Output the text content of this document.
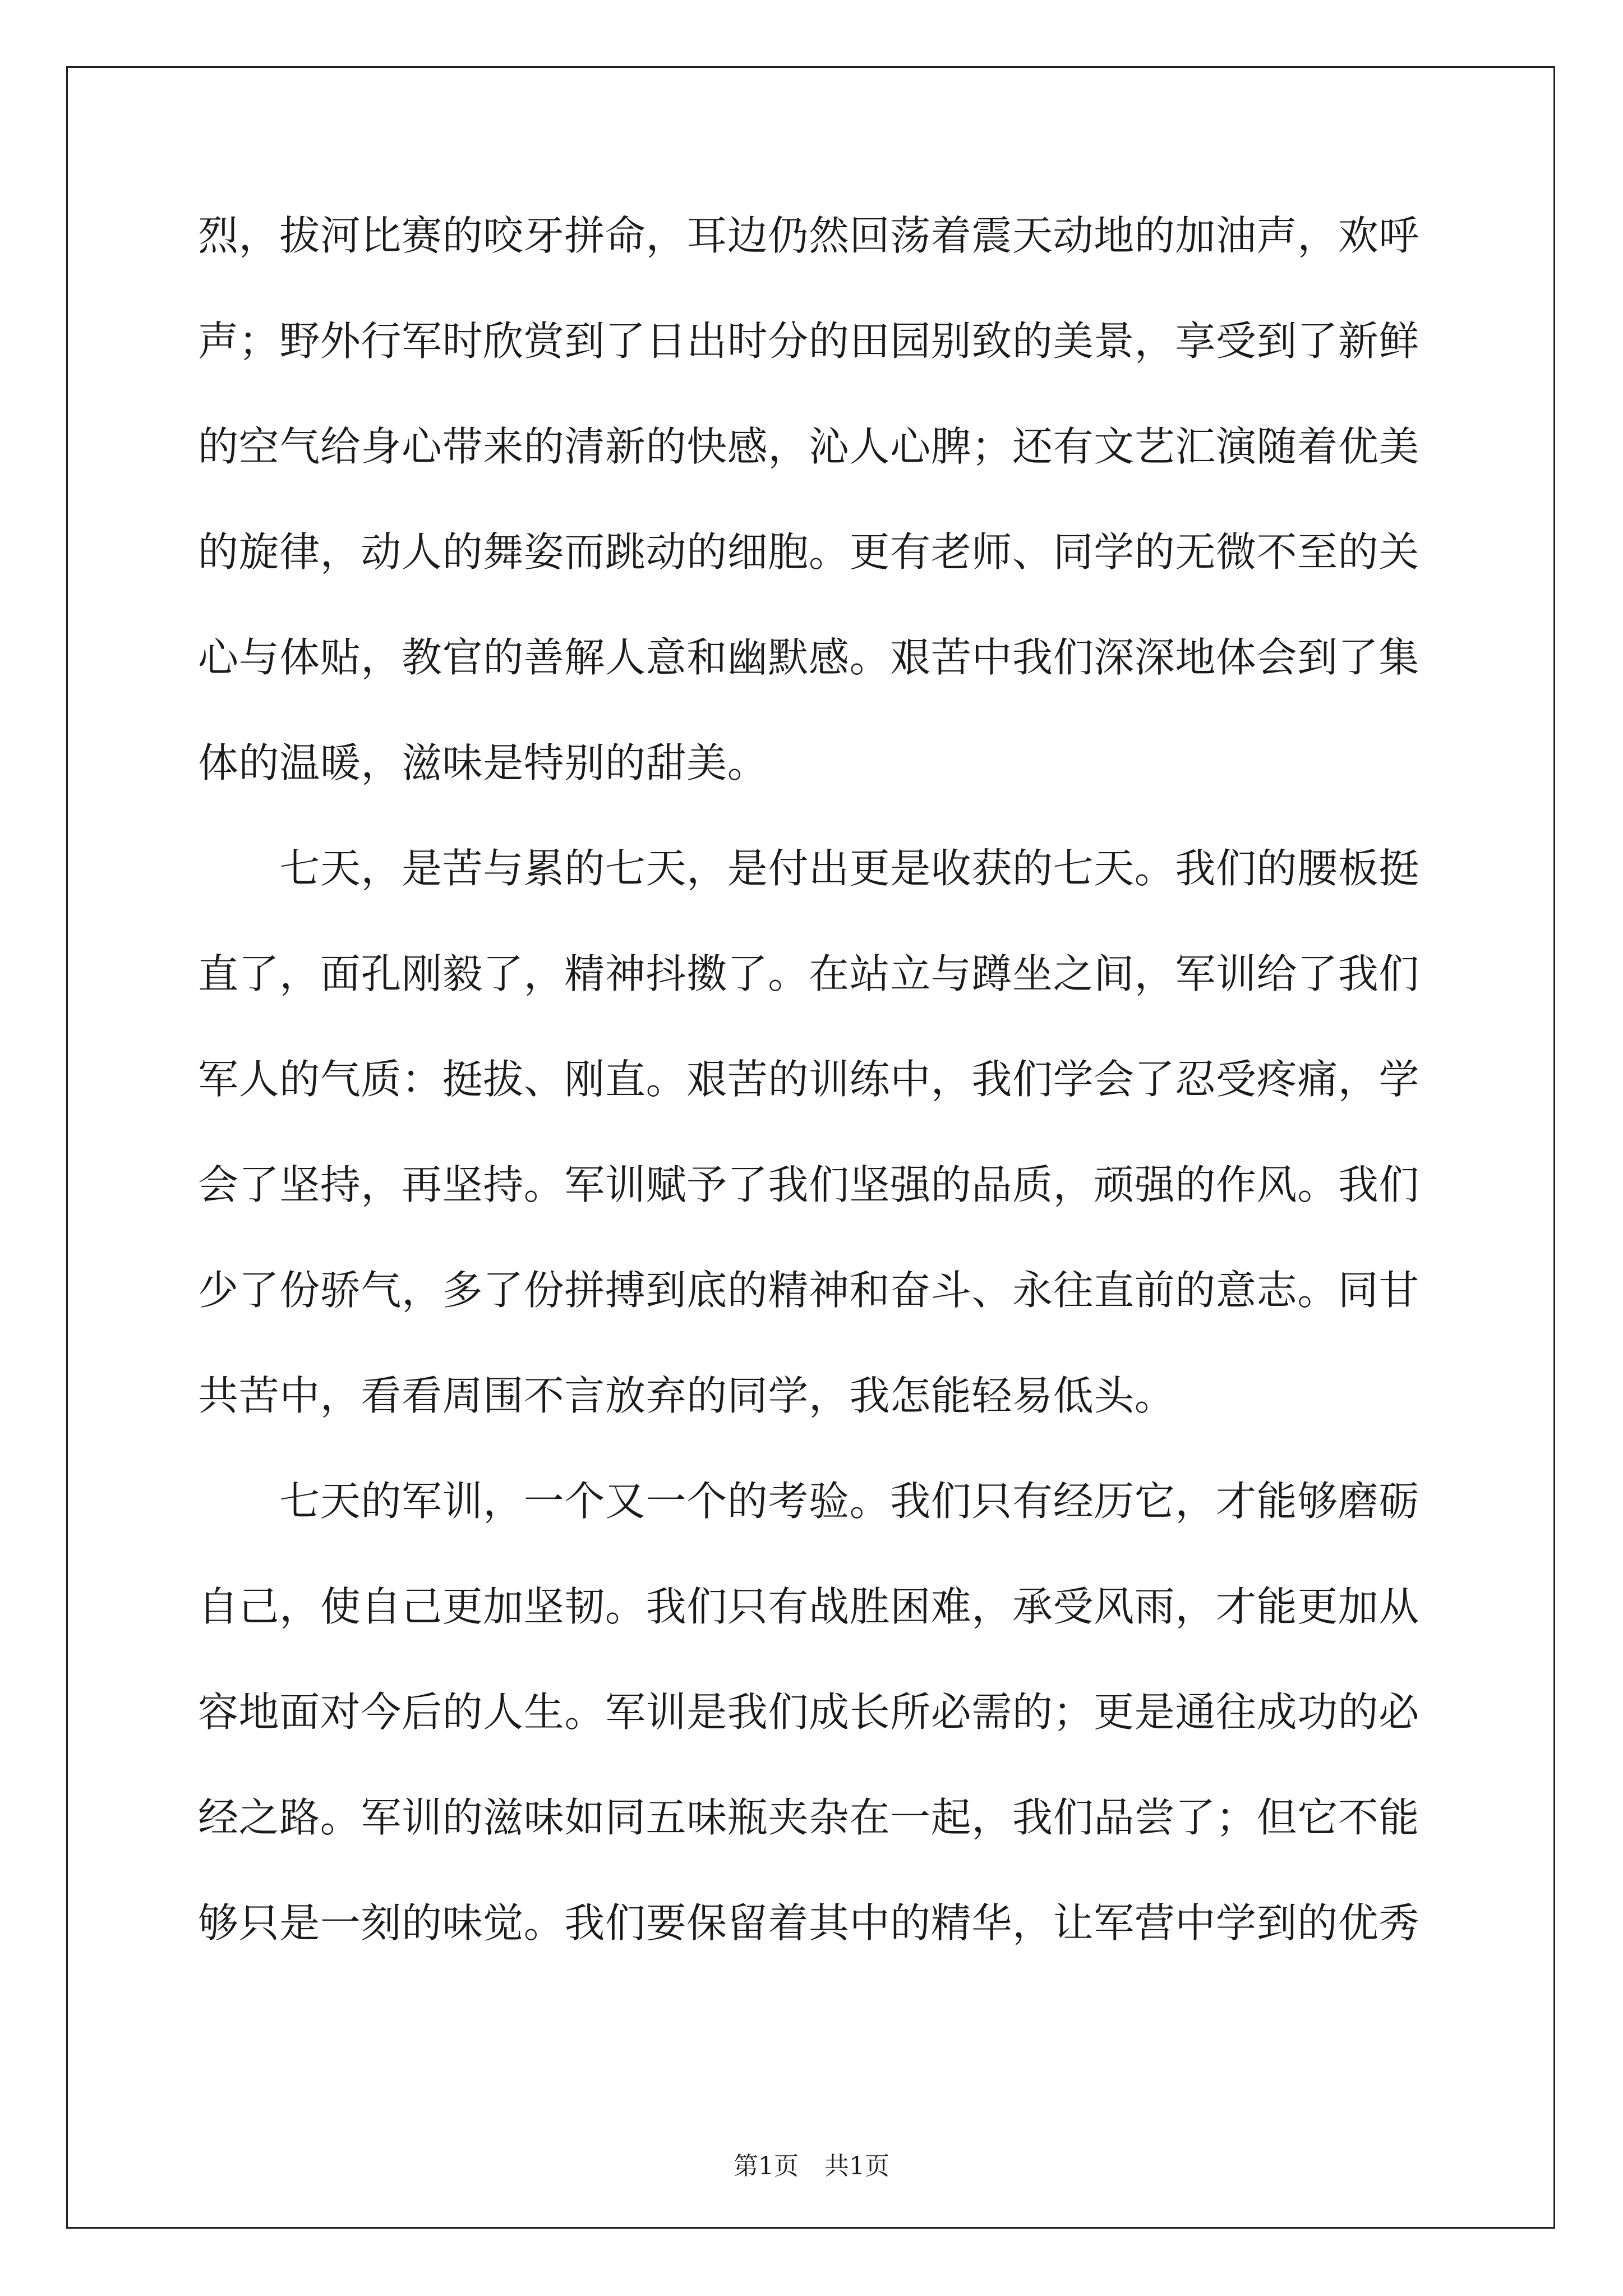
烈，拔河比赛的咬牙拼命，耳边仍然回荡着震天动地的加油声，欢呼
声；野外行军时欣赏到了日出时分的田园别致的美景，享受到了新鲜
的空气给身心带来的清新的快感，沁人心脾；还有文艺汇演随着优美
的旋律，动人的舞姿而跳动的细胞。更有老师、同学的无微不至的关
心与体贴，教官的善解人意和幽默感。艰苦中我们深深地体会到了集
体的温暖，滋味是特别的甜美。
　　七天，是苦与累的七天，是付出更是收获的七天。我们的腰板挺
直了，面孔刚毅了，精神抖擞了。在站立与蹲坐之间，军训给了我们
军人的气质：挺拔、刚直。艰苦的训练中，我们学会了忍受疼痛，学
会了坚持，再坚持。军训赋予了我们坚强的品质，顽强的作风。我们
少了份骄气，多了份拼搏到底的精神和奋斗、永往直前的意志。同甘
共苦中，看看周围不言放弃的同学，我怎能轻易低头。
　　七天的军训，一个又一个的考验。我们只有经历它，才能够磨砺
自己，使自己更加坚韧。我们只有战胜困难，承受风雨，才能更加从
容地面对今后的人生。军训是我们成长所必需的；更是通往成功的必
经之路。军训的滋味如同五味瓶夹杂在一起，我们品尝了；但它不能
够只是一刻的味觉。我们要保留着其中的精华，让军营中学到的优秀
第1页 共1页
